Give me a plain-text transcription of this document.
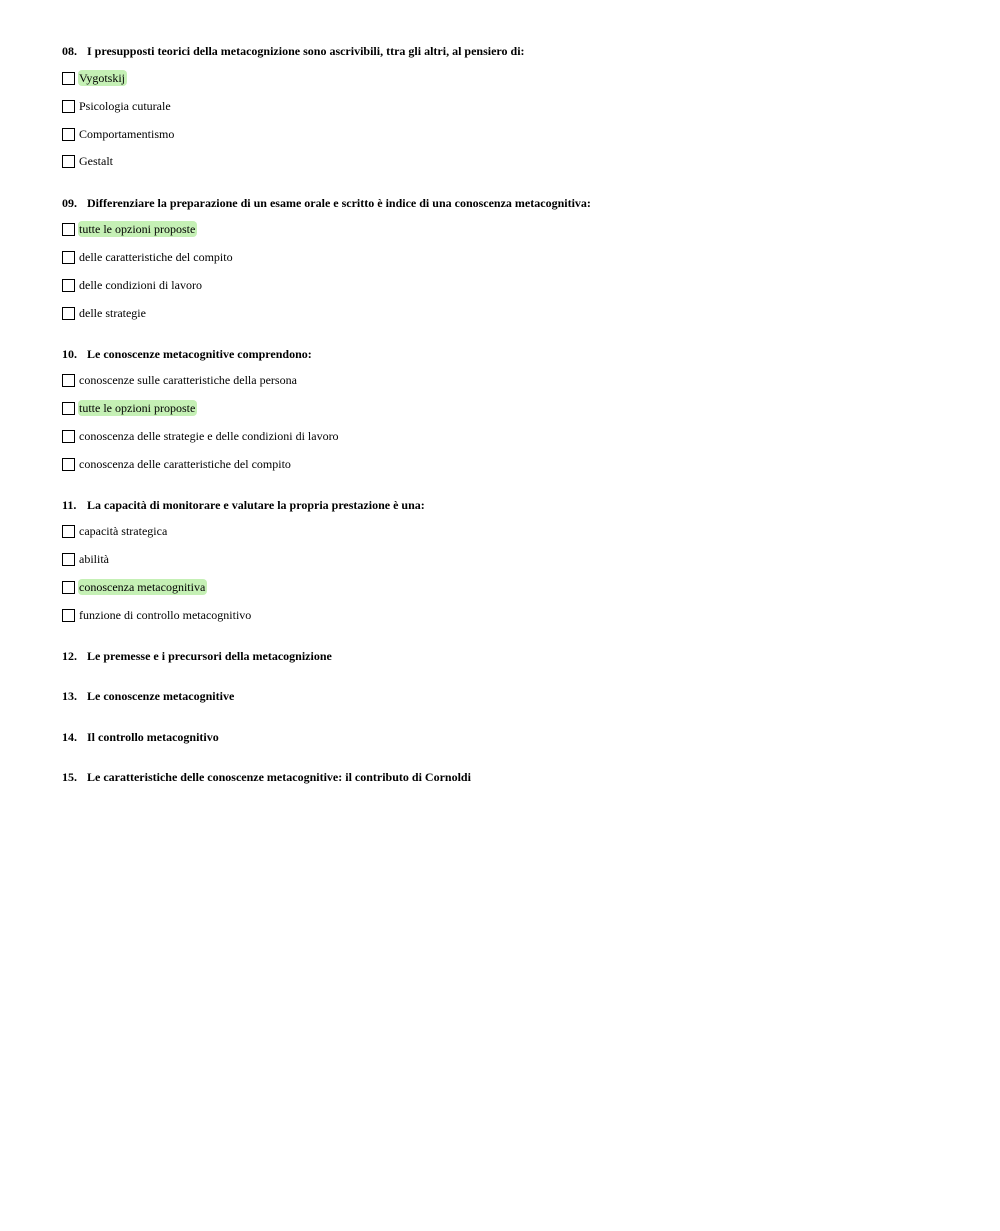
08. I presupposti teorici della metacognizione sono ascrivibili, ttra gli altri, al pensiero di:
Vygotskij
Psicologia cuturale
Comportamentismo
Gestalt
09. Differenziare la preparazione di un esame orale e scritto è indice di una conoscenza metacognitiva:
tutte le opzioni proposte
delle caratteristiche del compito
delle condizioni di lavoro
delle strategie
10. Le conoscenze metacognitive comprendono:
conoscenze sulle caratteristiche della persona
tutte le opzioni proposte
conoscenza delle strategie e delle condizioni di lavoro
conoscenza delle caratteristiche del compito
11. La capacità di monitorare e valutare la propria prestazione è una:
capacità strategica
abilità
conoscenza metacognitiva
funzione di controllo metacognitivo
12. Le premesse e i precursori della metacognizione
13. Le conoscenze metacognitive
14. Il controllo metacognitivo
15. Le caratteristiche delle conoscenze metacognitive: il contributo di Cornoldi
